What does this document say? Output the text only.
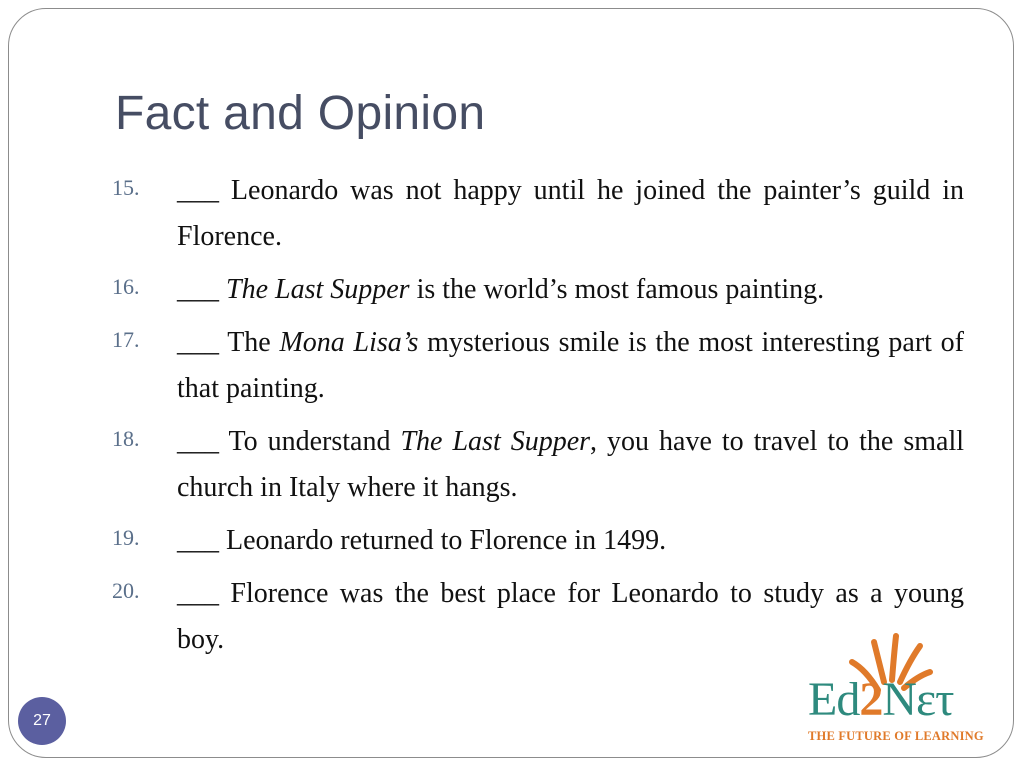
Fact and Opinion
15.	___ Leonardo was not happy until he joined the painter’s guild in Florence.
16.	___ The Last Supper is the world’s most famous painting.
17.	___ The Mona Lisa’s mysterious smile is the most interesting part of that painting.
18.	___ To understand The Last Supper, you have to travel to the small church in Italy where it hangs.
19.	___ Leonardo returned to Florence in 1499.
20.	___ Florence was the best place for Leonardo to study as a young boy.
27	Ed2Nετ
THE FUTURE OF LEARNING
